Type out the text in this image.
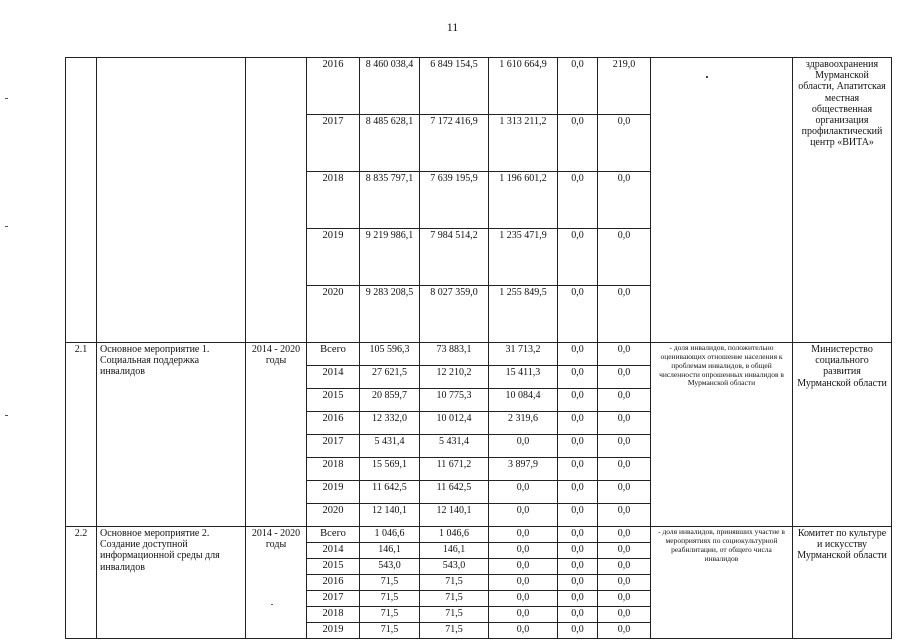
11
			2016	8 460 038,4	6 849 154,5	1 610 664,9	0,0	219,0		здравоохранения Мурманской области, Апатитская местная общественная организация профилактический центр «ВИТА»
			2017	8 485 628,1	7 172 416,9	1 313 211,2	0,0	0,0		
			2018	8 835 797,1	7 639 195,9	1 196 601,2	0,0	0,0		
			2019	9 219 986,1	7 984 514,2	1 235 471,9	0,0	0,0		
			2020	9 283 208,5	8 027 359,0	1 255 849,5	0,0	0,0		
2.1	Основное мероприятие 1. Социальная поддержка инвалидов	2014 - 2020 годы	Всего	105 596,3	73 883,1	31 713,2	0,0	0,0	- доля инвалидов, положительно оценивающих отношение населения к проблемам инвалидов, в общей численности опрошенных инвалидов в Мурманской области	Министерство социального развития Мурманской области
			2014	27 621,5	12 210,2	15 411,3	0,0	0,0		
			2015	20 859,7	10 775,3	10 084,4	0,0	0,0		
			2016	12 332,0	10 012,4	2 319,6	0,0	0,0		
			2017	5 431,4	5 431,4	0,0	0,0	0,0		
			2018	15 569,1	11 671,2	3 897,9	0,0	0,0		
			2019	11 642,5	11 642,5	0,0	0,0	0,0		
			2020	12 140,1	12 140,1	0,0	0,0	0,0		
2.2	Основное мероприятие 2. Создание доступной информационной среды для инвалидов	2014 - 2020 годы	Всего	1 046,6	1 046,6	0,0	0,0	0,0	- доля инвалидов, принявших участие в мероприятиях по социокультурной реабилитации, от общего числа инвалидов	Комитет по культуре и искусству Мурманской области
			2014	146,1	146,1	0,0	0,0	0,0		
			2015	543,0	543,0	0,0	0,0	0,0		
			2016	71,5	71,5	0,0	0,0	0,0		
			2017	71,5	71,5	0,0	0,0	0,0		
			2018	71,5	71,5	0,0	0,0	0,0		
			2019	71,5	71,5	0,0	0,0	0,0		
